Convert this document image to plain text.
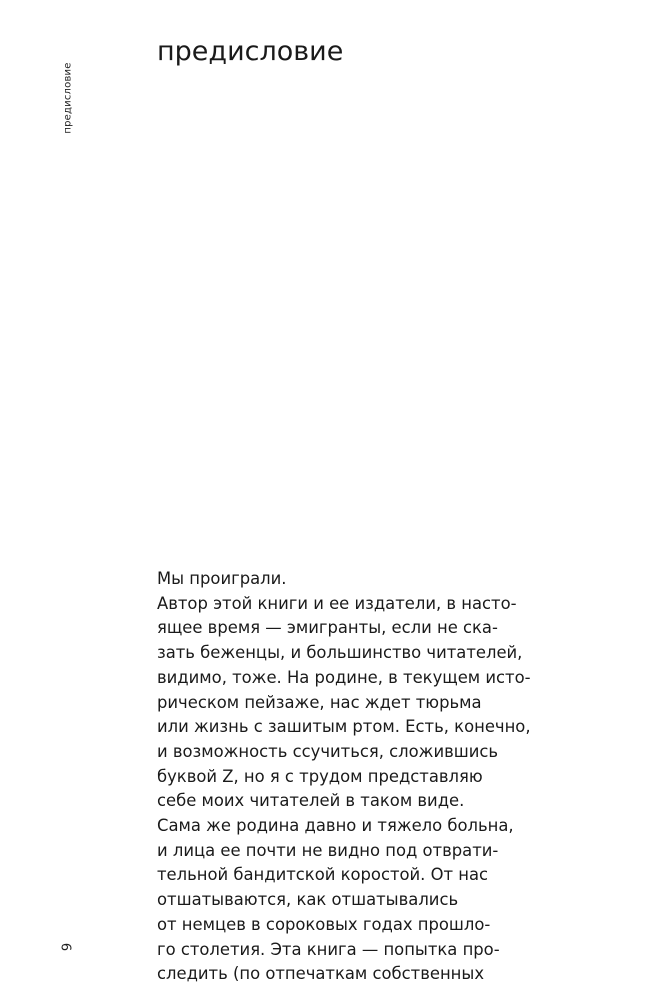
предисловие
предисловие
Мы проиграли.
Автор этой книги и ее издатели, в насто-
ящее время — эмигранты, если не ска-
зать беженцы, и большинство читателей,
видимо, тоже. На родине, в текущем исто-
рическом пейзаже, нас ждет тюрьма
или жизнь с зашитым ртом. Есть, конечно,
и возможность ссучиться, сложившись
буквой Z, но я с трудом представляю
себе моих читателей в таком виде.
Сама же родина давно и тяжело больна,
и лица ее почти не видно под отврати-
тельной бандитской коростой. От нас
отшатываются, как отшатывались
от немцев в сороковых годах прошло-
го столетия. Эта книга — попытка про-
следить (по отпечаткам собственных
9
